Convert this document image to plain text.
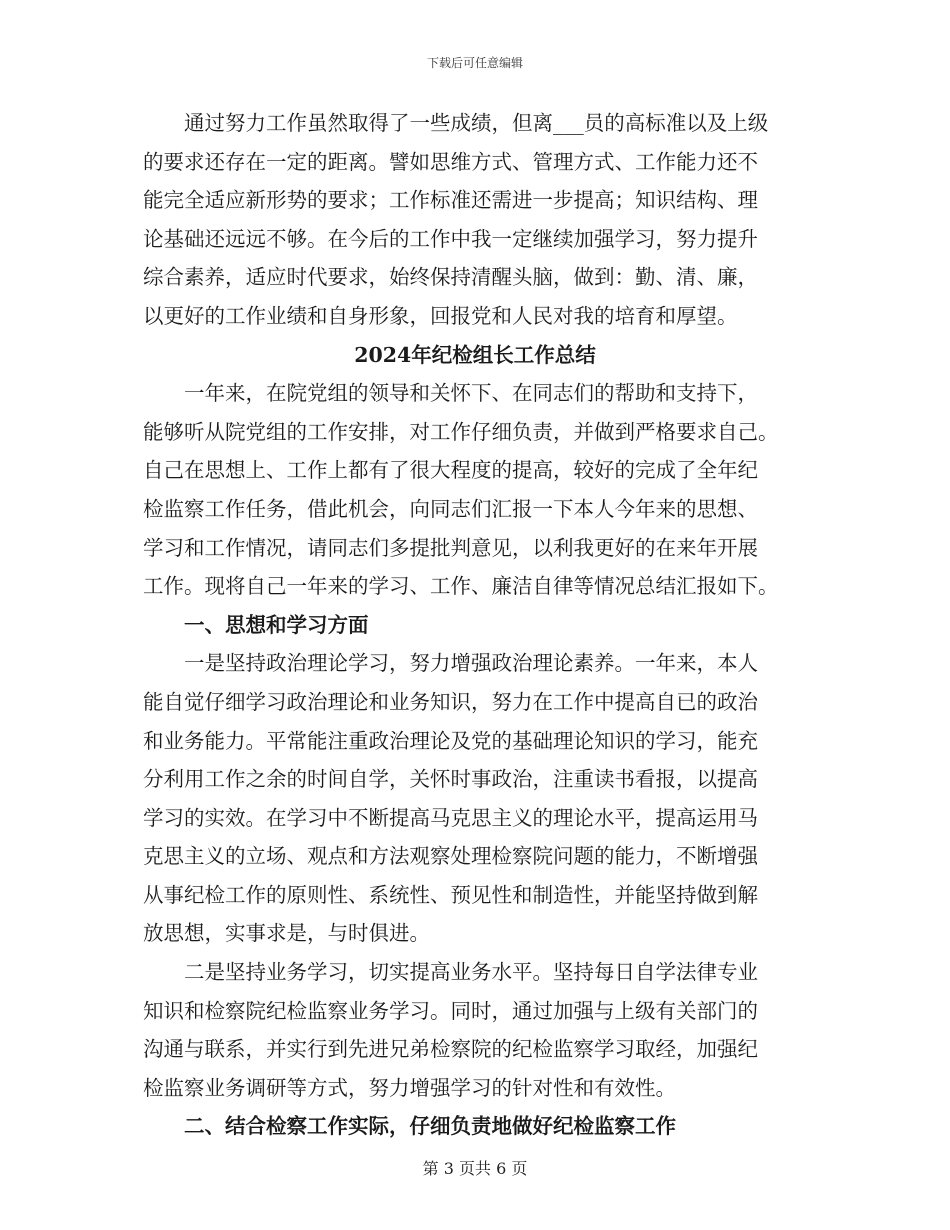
下载后可任意编辑
通过努力工作虽然取得了一些成绩，但离___员的高标准以及上级
的要求还存在一定的距离。譬如思维方式、管理方式、工作能力还不
能完全适应新形势的要求；工作标准还需进一步提高；知识结构、理
论基础还远远不够。在今后的工作中我一定继续加强学习，努力提升
综合素养，适应时代要求，始终保持清醒头脑，做到：勤、清、廉，
以更好的工作业绩和自身形象，回报党和人民对我的培育和厚望。
2024年纪检组长工作总结
一年来，在院党组的领导和关怀下、在同志们的帮助和支持下，
能够听从院党组的工作安排，对工作仔细负责，并做到严格要求自己。
自己在思想上、工作上都有了很大程度的提高，较好的完成了全年纪
检监察工作任务，借此机会，向同志们汇报一下本人今年来的思想、
学习和工作情况，请同志们多提批判意见，以利我更好的在来年开展
工作。现将自己一年来的学习、工作、廉洁自律等情况总结汇报如下。
一、思想和学习方面
一是坚持政治理论学习，努力增强政治理论素养。一年来，本人
能自觉仔细学习政治理论和业务知识，努力在工作中提高自已的政治
和业务能力。平常能注重政治理论及党的基础理论知识的学习，能充
分利用工作之余的时间自学，关怀时事政治，注重读书看报，以提高
学习的实效。在学习中不断提高马克思主义的理论水平，提高运用马
克思主义的立场、观点和方法观察处理检察院问题的能力，不断增强
从事纪检工作的原则性、系统性、预见性和制造性，并能坚持做到解
放思想，实事求是，与时俱进。
二是坚持业务学习，切实提高业务水平。坚持每日自学法律专业
知识和检察院纪检监察业务学习。同时，通过加强与上级有关部门的
沟通与联系，并实行到先进兄弟检察院的纪检监察学习取经，加强纪
检监察业务调研等方式，努力增强学习的针对性和有效性。
二、结合检察工作实际，仔细负责地做好纪检监察工作
第 3 页共 6 页
